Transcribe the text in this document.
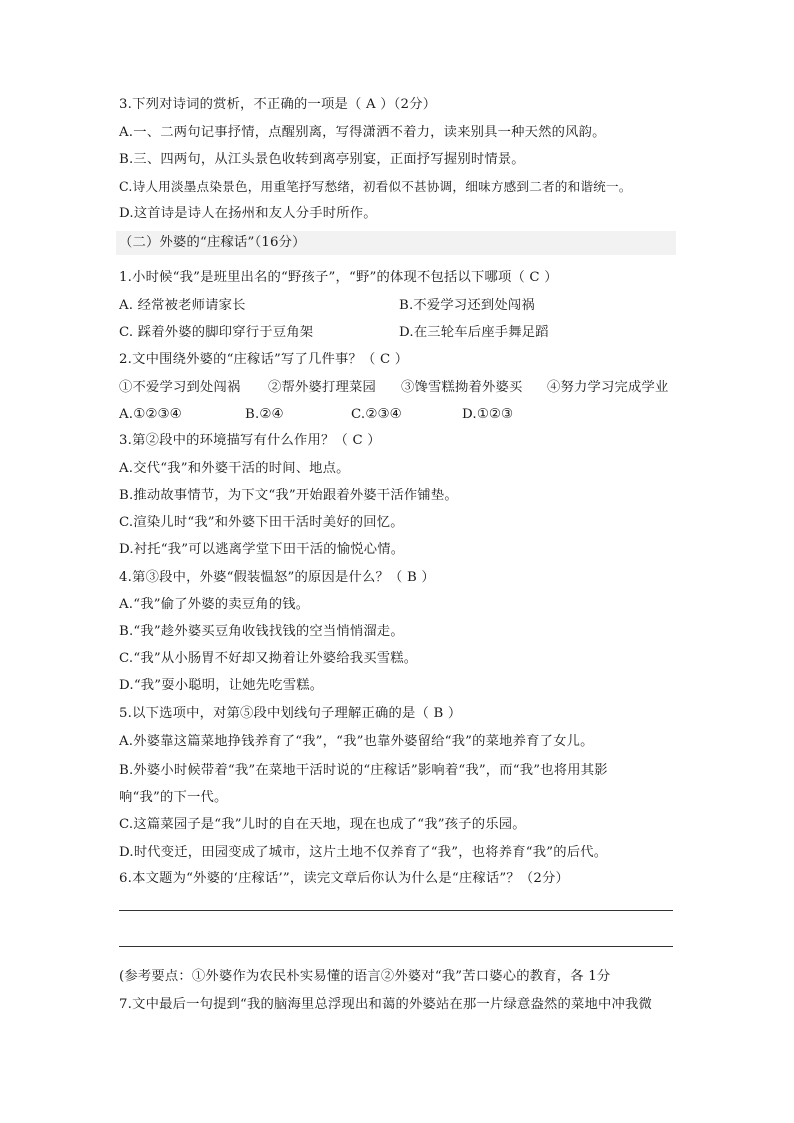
3.下列对诗词的赏析，不正确的一项是（ A ）（2分）
A.一、二两句记事抒情，点醒别离，写得潇洒不着力，读来别具一种天然的风韵。
B.三、四两句，从江头景色收转到离亭别宴，正面抒写握别时情景。
C.诗人用淡墨点染景色，用重笔抒写愁绪，初看似不甚协调，细味方感到二者的和谐统一。
D.这首诗是诗人在扬州和友人分手时所作。
（二）外婆的“庄稼话”（16分）
1.小时候“我”是班里出名的“野孩子”，“野”的体现不包括以下哪项（ C ）
A. 经常被老师请家长	B.不爱学习还到处闯祸
C. 踩着外婆的脚印穿行于豆角架	D.在三轮车后座手舞足蹈
2.文中围绕外婆的“庄稼话”写了几件事？（ C ）
①不爱学习到处闯祸 ②帮外婆打理菜园 ③馋雪糕拗着外婆买 ④努力学习完成学业
A.①②③④	B.②④	C.②③④	D.①②③
3.第②段中的环境描写有什么作用？（ C ）
A.交代“我”和外婆干活的时间、地点。
B.推动故事情节，为下文“我”开始跟着外婆干活作铺垫。
C.渲染儿时“我”和外婆下田干活时美好的回忆。
D.衬托“我”可以逃离学堂下田干活的愉悦心情。
4.第③段中，外婆“假装愠怒”的原因是什么？（ B ）
A.“我”偷了外婆的卖豆角的钱。
B.“我”趁外婆买豆角收钱找钱的空当悄悄溜走。
C.“我”从小肠胃不好却又拗着让外婆给我买雪糕。
D.“我”耍小聪明，让她先吃雪糕。
5.以下选项中，对第⑤段中划线句子理解正确的是（ B ）
A.外婆靠这篇菜地挣钱养育了“我”，“我”也靠外婆留给“我”的菜地养育了女儿。
B.外婆小时候带着“我”在菜地干活时说的“庄稼话”影响着“我”，而“我”也将用其影
响“我”的下一代。
C.这篇菜园子是“我”儿时的自在天地，现在也成了“我”孩子的乐园。
D.时代变迁，田园变成了城市，这片土地不仅养育了“我”，也将养育“我”的后代。
6.本文题为“外婆的‘庄稼话’”，读完文章后你认为什么是“庄稼话”？（2分）
(参考要点：①外婆作为农民朴实易懂的语言②外婆对“我”苦口婆心的教育，各 1分
7.文中最后一句提到“我的脑海里总浮现出和蔼的外婆站在那一片绿意盎然的菜地中冲我微
